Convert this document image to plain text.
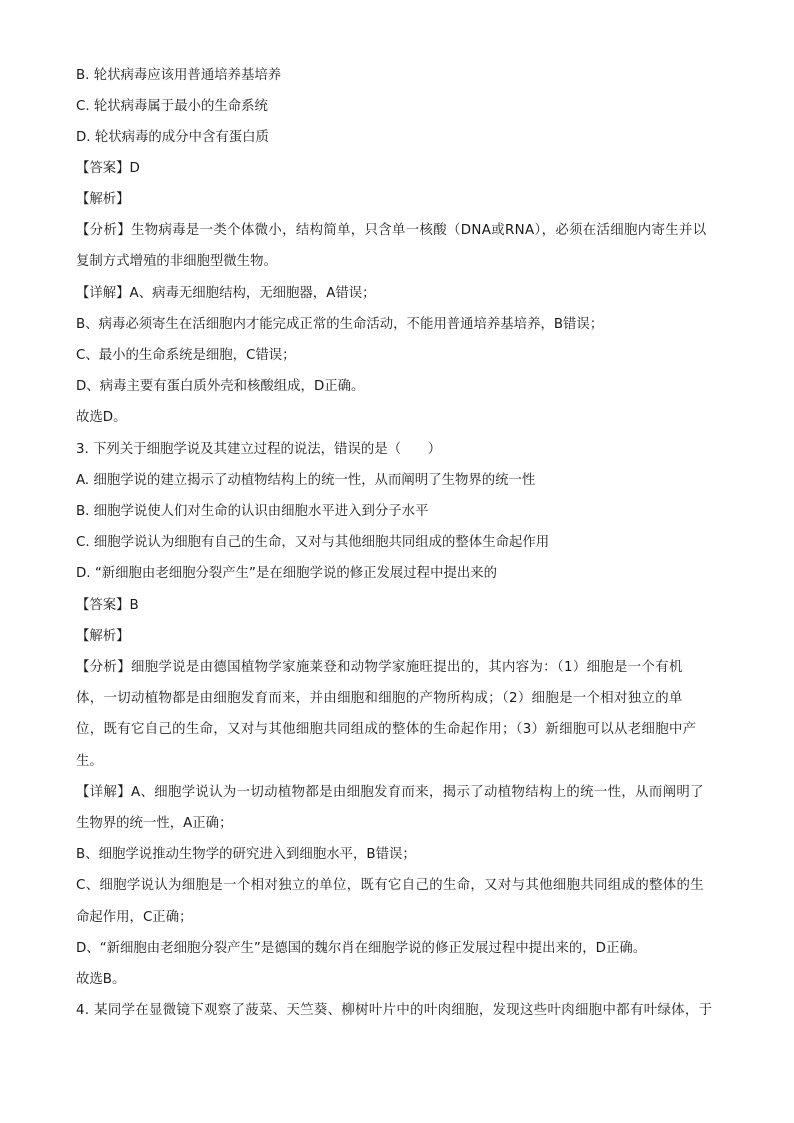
B. 轮状病毒应该用普通培养基培养
C. 轮状病毒属于最小的生命系统
D. 轮状病毒的成分中含有蛋白质
【答案】D
【解析】
【分析】生物病毒是一类个体微小，结构简单，只含单一核酸（DNA或RNA），必须在活细胞内寄生并以
复制方式增殖的非细胞型微生物。
【详解】A、病毒无细胞结构，无细胞器，A错误；
B、病毒必须寄生在活细胞内才能完成正常的生命活动，不能用普通培养基培养，B错误；
C、最小的生命系统是细胞，C错误；
D、病毒主要有蛋白质外壳和核酸组成，D正确。
故选D。
3. 下列关于细胞学说及其建立过程的说法，错误的是（　　）
A. 细胞学说的建立揭示了动植物结构上的统一性，从而阐明了生物界的统一性
B. 细胞学说使人们对生命的认识由细胞水平进入到分子水平
C. 细胞学说认为细胞有自己的生命，又对与其他细胞共同组成的整体生命起作用
D. “新细胞由老细胞分裂产生”是在细胞学说的修正发展过程中提出来的
【答案】B
【解析】
【分析】细胞学说是由德国植物学家施莱登和动物学家施旺提出的，其内容为：（1）细胞是一个有机
体，一切动植物都是由细胞发育而来，并由细胞和细胞的产物所构成；（2）细胞是一个相对独立的单
位，既有它自己的生命，又对与其他细胞共同组成的整体的生命起作用；（3）新细胞可以从老细胞中产
生。
【详解】A、细胞学说认为一切动植物都是由细胞发育而来，揭示了动植物结构上的统一性，从而阐明了
生物界的统一性，A正确；
B、细胞学说推动生物学的研究进入到细胞水平，B错误；
C、细胞学说认为细胞是一个相对独立的单位，既有它自己的生命，又对与其他细胞共同组成的整体的生
命起作用，C正确；
D、“新细胞由老细胞分裂产生”是德国的魏尔肖在细胞学说的修正发展过程中提出来的，D正确。
故选B。
4. 某同学在显微镜下观察了菠菜、天竺葵、柳树叶片中的叶肉细胞，发现这些叶肉细胞中都有叶绿体，于
